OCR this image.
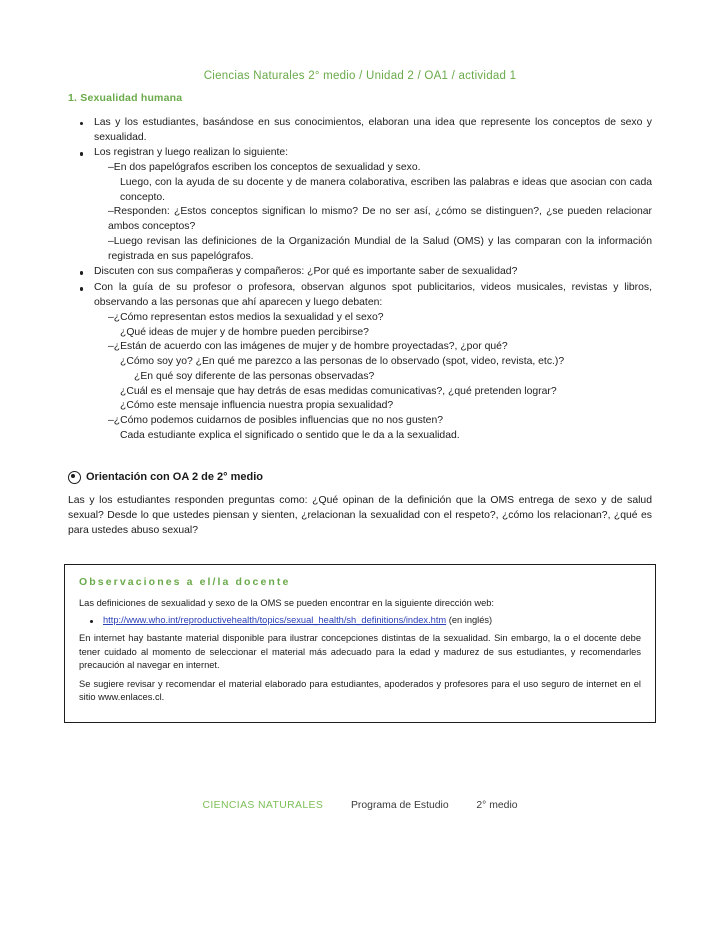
Ciencias Naturales 2° medio / Unidad 2 / OA1 / actividad 1
1. Sexualidad humana
Las y los estudiantes, basándose en sus conocimientos, elaboran una idea que represente los conceptos de sexo y sexualidad.
Los registran y luego realizan lo siguiente:
–En dos papelógrafos escriben los conceptos de sexualidad y sexo.
Luego, con la ayuda de su docente y de manera colaborativa, escriben las palabras e ideas que asocian con cada concepto.
–Responden: ¿Estos conceptos significan lo mismo? De no ser así, ¿cómo se distinguen?, ¿se pueden relacionar ambos conceptos?
–Luego revisan las definiciones de la Organización Mundial de la Salud (OMS) y las comparan con la información registrada en sus papelógrafos.
Discuten con sus compañeras y compañeros: ¿Por qué es importante saber de sexualidad?
Con la guía de su profesor o profesora, observan algunos spot publicitarios, videos musicales, revistas y libros, observando a las personas que ahí aparecen y luego debaten:
–¿Cómo representan estos medios la sexualidad y el sexo?
¿Qué ideas de mujer y de hombre pueden percibirse?
–¿Están de acuerdo con las imágenes de mujer y de hombre proyectadas?, ¿por qué?
¿Cómo soy yo? ¿En qué me parezco a las personas de lo observado (spot, video, revista, etc.)?
¿En qué soy diferente de las personas observadas?
¿Cuál es el mensaje que hay detrás de esas medidas comunicativas?, ¿qué pretenden lograr?
¿Cómo este mensaje influencia nuestra propia sexualidad?
–¿Cómo podemos cuidarnos de posibles influencias que no nos gusten?
Cada estudiante explica el significado o sentido que le da a la sexualidad.
Orientación con OA 2 de 2° medio
Las y los estudiantes responden preguntas como: ¿Qué opinan de la definición que la OMS entrega de sexo y de salud sexual? Desde lo que ustedes piensan y sienten, ¿relacionan la sexualidad con el respeto?, ¿cómo los relacionan?, ¿qué es para ustedes abuso sexual?
Observaciones a el/la docente

Las definiciones de sexualidad y sexo de la OMS se pueden encontrar en la siguiente dirección web:

http://www.who.int/reproductivehealth/topics/sexual_health/sh_definitions/index.htm (en inglés)

En internet hay bastante material disponible para ilustrar concepciones distintas de la sexualidad. Sin embargo, la o el docente debe tener cuidado al momento de seleccionar el material más adecuado para la edad y madurez de sus estudiantes, y recomendarles precaución al navegar en internet.

Se sugiere revisar y recomendar el material elaborado para estudiantes, apoderados y profesores para el uso seguro de internet en el sitio www.enlaces.cl.

CIENCIAS NATURALES	Programa de Estudio	2° medio
